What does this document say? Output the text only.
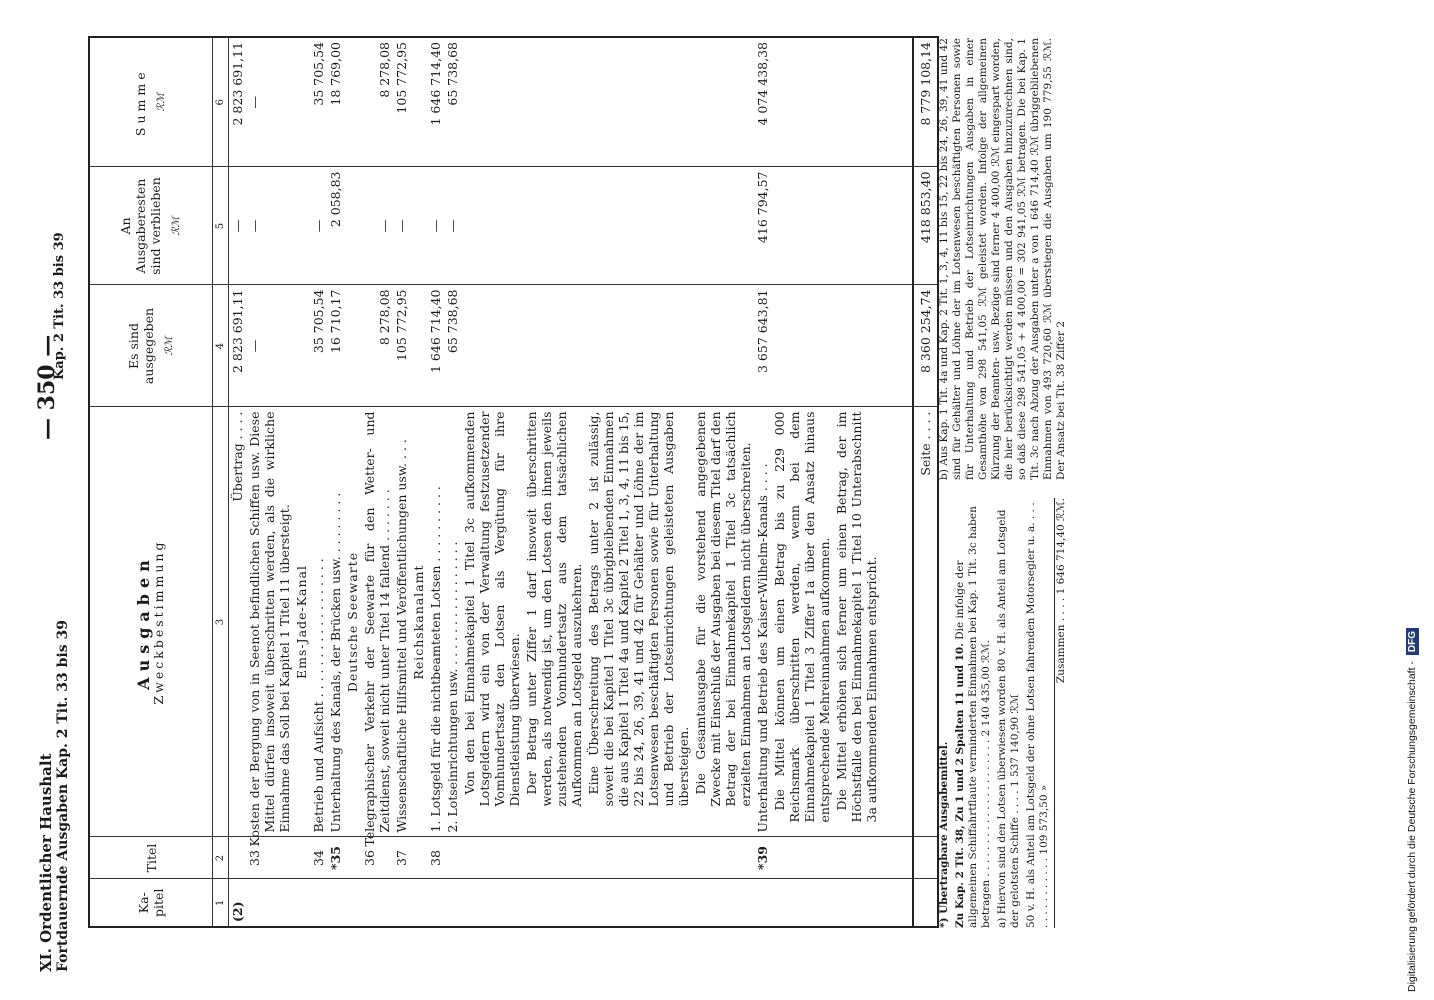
XI. Ordentlicher Haushalt Fortdauernde Ausgaben Kap. 2 Tit. 33 bis 39
— 350 —
Kap. 2 Tit. 33 bis 39
Ka-pitel	Titel	Ausgaben
Zweckbestimmung	Es sind ausgegeben ℛℳ	An Ausgaberesten sind verblieben ℛℳ	Summe ℛℳ

1	2	3	4	5	6
(2)		Übertrag . . . .	2 823 691,11	—	2 823 691,11
	33	Kosten der Bergung von in Seenot befindlichen Schiffen usw. Diese Mittel dürfen insoweit überschritten werden, als die wirkliche Einnahme das Soll bei Kapitel 1 Titel 11 übersteigt.	—	—	—
		Ems-Jade-Kanal			
	34	Betrieb und Aufsicht . . . . . . . . . . . . . . . . . .	35 705,54	—	35 705,54
	*35	Unterhaltung des Kanals, der Brücken usw. . . . . . . . .	16 710,17	2 058,83	18 769,00
		Deutsche Seewarte			
	36	Telegraphischer Verkehr der Seewarte für den Wetter- und Zeitdienst, soweit nicht unter Titel 14 fallend . . . . . . .	8 278,08	—	8 278,08
	37	Wissenschaftliche Hilfsmittel und Veröffentlichungen usw. . . .	105 772,95	—	105 772,95
		Reichskanalamt			
	38	1. Lotsgeld für die nichtbeamteten Lotsen . . . . . . . . . .	1 646 714,40	—	1 646 714,40
		2. Lotseinrichtungen usw. . . . . . . . . . . . . . . . .	65 738,68	—	65 738,68
		Von den bei Einnahmekapitel 1 Titel 3c aufkommenden Lotsgeldern wird ein von der Verwaltung festzusetzender Vomhundertsatz den Lotsen als Vergütung für ihre Dienstleistung überwiesen.			
		Der Betrag unter Ziffer 1 darf insoweit überschritten werden, als notwendig ist, um den Lotsen den ihnen jeweils zustehenden Vomhundertsatz aus dem tatsächlichen Aufkommen an Lotsgeld auszukehren.			
		Eine Überschreitung des Betrags unter 2 ist zulässig, soweit die bei Kapitel 1 Titel 3c übrigbleibenden Einnahmen die aus Kapitel 1 Titel 4a und Kapitel 2 Titel 1, 3, 4, 11 bis 15, 22 bis 24, 26, 39, 41 und 42 für Gehälter und Löhne der im Lotsenwesen beschäftigten Personen sowie für Unterhaltung und Betrieb der Lotseinrichtungen geleisteten Ausgaben übersteigen.			
		Die Gesamtausgabe für die vorstehend angegebenen Zwecke mit Einschluß der Ausgaben bei diesem Titel darf den Betrag der bei Einnahmekapitel 1 Titel 3c tatsächlich erzielten Einnahmen an Lotsgeldern nicht überschreiten.			
	*39	Unterhaltung und Betrieb des Kaiser-Wilhelm-Kanals . . . .	3 657 643,81	416 794,57	4 074 438,38
		Die Mittel können um einen Betrag bis zu 229 000 Reichsmark überschritten werden, wenn bei dem Einnahmekapitel 1 Titel 3 Ziffer 1a über den Ansatz hinaus entsprechende Mehreinnahmen aufkommen.			
		Die Mittel erhöhen sich ferner um einen Betrag, der im Höchstfalle den bei Einnahmekapitel 1 Titel 10 Unterabschnitt 3a aufkommenden Einnahmen entspricht.			

		Seite . . . .	8 360 254,74	418 853,40	8 779 108,14

*) Übertragbare Ausgabemittel. Zu Kap. 2 Tit. 38, Zu 1 und 2 Spalten 11 und 10. Die infolge der allgemeinen Schiffahrtflaute verminderten Einnahmen bei Kap. 1 Tit. 3c haben betragen . . . . . . . . . . . . . . . . . . . . . 2 140 435,00 ℛℳ. a) Hiervon sind den Lotsen überwiesen worden 80 v. H. als Anteil am Lotsgeld der gelotsten Schiffe . . . . 1 537 140,90 ℛℳ 50 v. H. als Anteil am Lotsgeld der ohne Lotsen fahrenden Motorsegler u. a. . . . . . . . . . . . . . . 109 573,50 »

Zusammen . . . . 1 646 714,40 ℛℳ.

b) Aus Kap. 1 Tit. 4a und Kap. 2 Tit. 1, 3, 4, 11 bis 15, 22 bis 24, 26, 39, 41 und 42 sind für Gehälter und Löhne der im Lotsenwesen beschäftigten Personen sowie für Unterhaltung und Betrieb der Lotseinrichtungen Ausgaben in einer Gesamthöhe von 298 541,05 ℛℳ geleistet worden. Infolge der allgemeinen Kürzung der Beamten- usw. Bezüge sind ferner 4 400,00 ℛℳ eingespart worden, die hier berücksichtigt werden müssen und den Ausgaben hinzuzurechnen sind, so daß diese 298 541,05 + 4 400,00 = 302 941,05 ℛℳ betragen. Die bei Kap. 1 Tit. 3c nach Abzug der Ausgaben unter a von 1 646 714,40 ℛℳ übriggebliebenen Einnahmen von 493 720,60 ℛℳ überstiegen die Ausgaben um 190 779,55 ℛℳ. Der Ansatz bei Tit. 38 Ziffer 2
Digitalisierung gefördert durch die Deutsche Forschungsgemeinschaft -DFG
